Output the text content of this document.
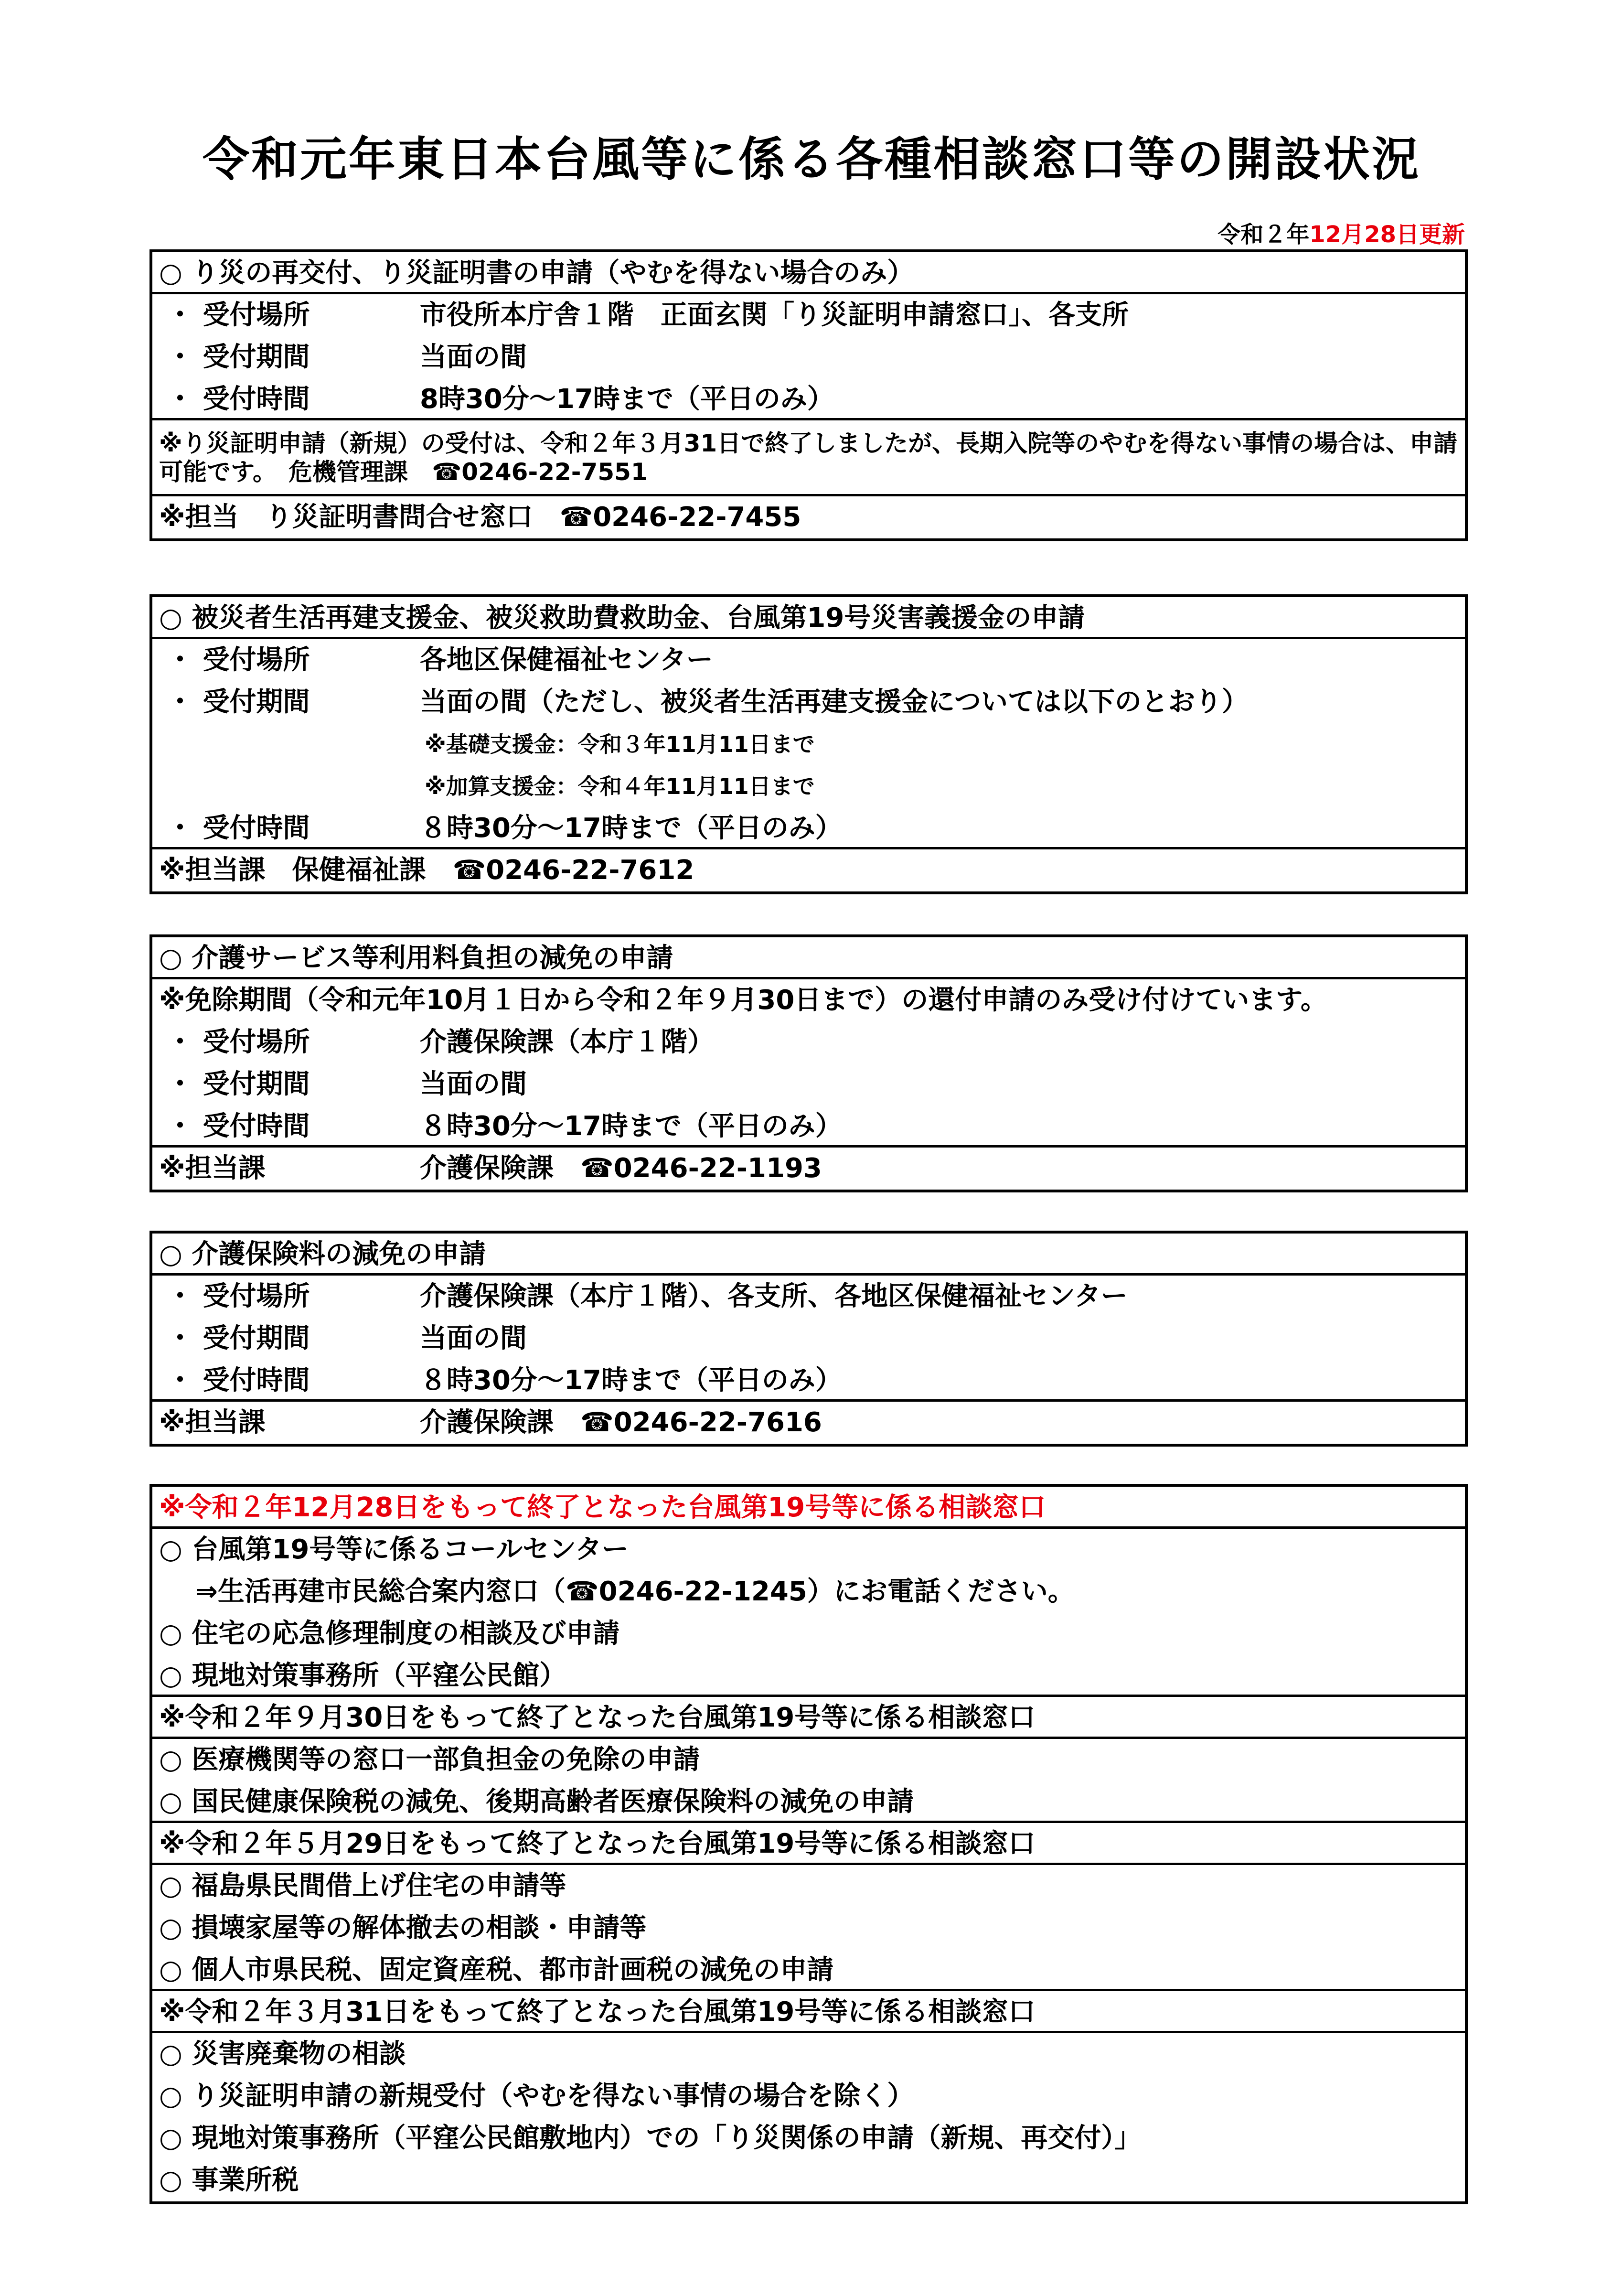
令和元年東日本台風等に係る各種相談窓口等の開設状況
令和２年12月28日更新
○ り災の再交付、り災証明書の申請（やむを得ない場合のみ）
・ 受付場所	市役所本庁舎１階　正面玄関「り災証明申請窓口」、各支所
・ 受付期間	当面の間
・ 受付時間	8時30分～17時まで（平日のみ）
※り災証明申請（新規）の受付は、令和２年３月31日で終了しましたが、長期入院等のやむを得ない事情の場合は、申請可能です。　危機管理課　☎0246-22-7551
※担当　り災証明書問合せ窓口　☎0246-22-7455
○ 被災者生活再建支援金、被災救助費救助金、台風第19号災害義援金の申請
・ 受付場所	各地区保健福祉センター
・ 受付期間	当面の間（ただし、被災者生活再建支援金については以下のとおり）
※基礎支援金：令和３年11月11日まで
※加算支援金：令和４年11月11日まで
・ 受付時間	８時30分～17時まで（平日のみ）
※担当課　保健福祉課　☎0246-22-7612
○ 介護サービス等利用料負担の減免の申請
※免除期間（令和元年10月１日から令和２年９月30日まで）の還付申請のみ受け付けています。
・ 受付場所	介護保険課（本庁１階）
・ 受付期間	当面の間
・ 受付時間	８時30分～17時まで（平日のみ）
※担当課	介護保険課　☎0246-22-1193
○ 介護保険料の減免の申請
・ 受付場所	介護保険課（本庁１階）、各支所、各地区保健福祉センター
・ 受付期間	当面の間
・ 受付時間	８時30分～17時まで（平日のみ）
※担当課	介護保険課　☎0246-22-7616
※令和２年12月28日をもって終了となった台風第19号等に係る相談窓口
○ 台風第19号等に係るコールセンター
⇒生活再建市民総合案内窓口（☎0246-22-1245）にお電話ください。
○ 住宅の応急修理制度の相談及び申請
○ 現地対策事務所（平窪公民館）
※令和２年９月30日をもって終了となった台風第19号等に係る相談窓口
○ 医療機関等の窓口一部負担金の免除の申請
○ 国民健康保険税の減免、後期高齢者医療保険料の減免の申請
※令和２年５月29日をもって終了となった台風第19号等に係る相談窓口
○ 福島県民間借上げ住宅の申請等
○ 損壊家屋等の解体撤去の相談・申請等
○ 個人市県民税、固定資産税、都市計画税の減免の申請
※令和２年３月31日をもって終了となった台風第19号等に係る相談窓口
○ 災害廃棄物の相談
○ り災証明申請の新規受付（やむを得ない事情の場合を除く）
○ 現地対策事務所（平窪公民館敷地内）での「り災関係の申請（新規、再交付）」
○ 事業所税
